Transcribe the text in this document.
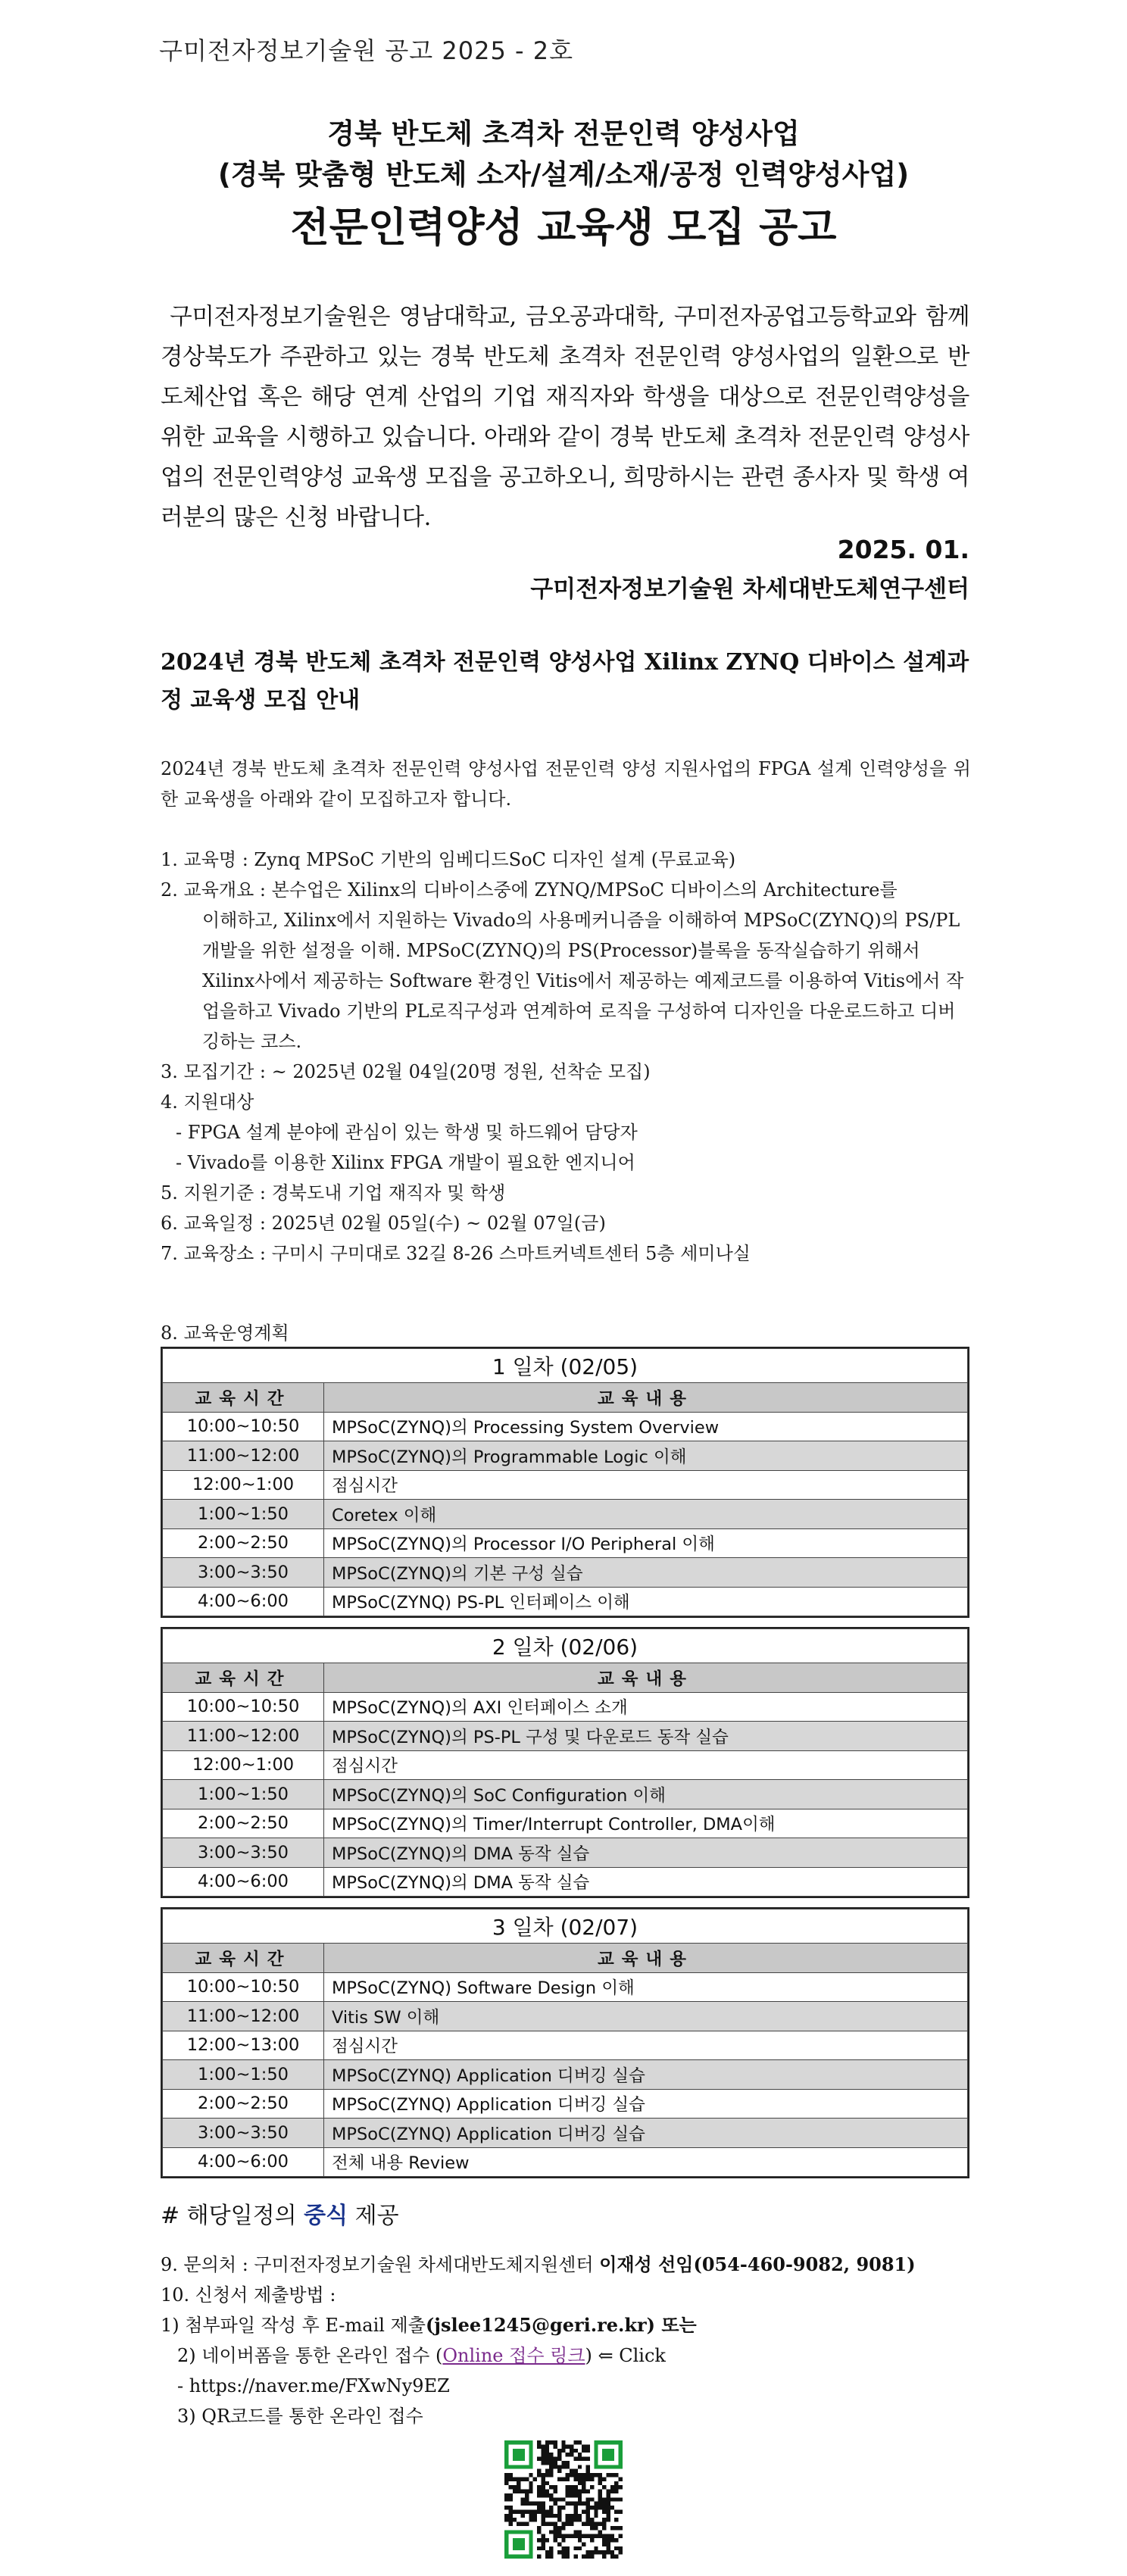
구미전자정보기술원 공고 2025 - 2호
경북 반도체 초격차 전문인력 양성사업
(경북 맞춤형 반도체 소자/설계/소재/공정 인력양성사업)
전문인력양성 교육생 모집 공고
구미전자정보기술원은 영남대학교, 금오공과대학, 구미전자공업고등학교와 함께 경상북도가 주관하고 있는 경북 반도체 초격차 전문인력 양성사업의 일환으로 반도체산업 혹은 해당 연계 산업의 기업 재직자와 학생을 대상으로 전문인력양성을 위한 교육을 시행하고 있습니다. 아래와 같이 경북 반도체 초격차 전문인력 양성사업의 전문인력양성 교육생 모집을 공고하오니, 희망하시는 관련 종사자 및 학생 여러분의 많은 신청 바랍니다.
2025. 01.
구미전자정보기술원 차세대반도체연구센터
2024년 경북 반도체 초격차 전문인력 양성사업 Xilinx ZYNQ 디바이스 설계과정 교육생 모집 안내
2024년 경북 반도체 초격차 전문인력 양성사업 전문인력 양성 지원사업의 FPGA 설계 인력양성을 위한 교육생을 아래와 같이 모집하고자 합니다.
1. 교육명 : Zynq MPSoC 기반의 임베디드SoC 디자인 설계 (무료교육)
2. 교육개요 : 본수업은 Xilinx의 디바이스중에 ZYNQ/MPSoC 디바이스의 Architecture를
이해하고, Xilinx에서 지원하는 Vivado의 사용메커니즘을 이해하여 MPSoC(ZYNQ)의 PS/PL 개발을 위한 설정을 이해. MPSoC(ZYNQ)의 PS(Processor)블록을 동작실습하기 위해서 Xilinx사에서 제공하는 Software 환경인 Vitis에서 제공하는 예제코드를 이용하여 Vitis에서 작업을하고 Vivado 기반의 PL로직구성과 연계하여 로직을 구성하여 디자인을 다운로드하고 디버깅하는 코스.
3. 모집기간 : ~ 2025년 02월 04일(20명 정원, 선착순 모집)
4. 지원대상
- FPGA 설계 분야에 관심이 있는 학생 및 하드웨어 담당자
- Vivado를 이용한 Xilinx FPGA 개발이 필요한 엔지니어
5. 지원기준 : 경북도내 기업 재직자 및 학생
6. 교육일정 : 2025년 02월 05일(수) ~ 02월 07일(금)
7. 교육장소 : 구미시 구미대로 32길 8-26 스마트커넥트센터 5층 세미나실
8. 교육운영계획
1 일차 (02/05)	
교육시간	교육내용
10:00~10:50	MPSoC(ZYNQ)의 Processing System Overview
11:00~12:00	MPSoC(ZYNQ)의 Programmable Logic 이해
12:00~1:00	점심시간
1:00~1:50	Coretex 이해
2:00~2:50	MPSoC(ZYNQ)의 Processor I/O Peripheral 이해
3:00~3:50	MPSoC(ZYNQ)의 기본 구성 실습
4:00~6:00	MPSoC(ZYNQ) PS-PL 인터페이스 이해
2 일차 (02/06)	
교육시간	교육내용
10:00~10:50	MPSoC(ZYNQ)의 AXI 인터페이스 소개
11:00~12:00	MPSoC(ZYNQ)의 PS-PL 구성 및 다운로드 동작 실습
12:00~1:00	점심시간
1:00~1:50	MPSoC(ZYNQ)의 SoC Configuration 이해
2:00~2:50	MPSoC(ZYNQ)의 Timer/Interrupt Controller, DMA이해
3:00~3:50	MPSoC(ZYNQ)의 DMA 동작 실습
4:00~6:00	MPSoC(ZYNQ)의 DMA 동작 실습
3 일차 (02/07)	
교육시간	교육내용
10:00~10:50	MPSoC(ZYNQ) Software Design 이해
11:00~12:00	Vitis SW 이해
12:00~13:00	점심시간
1:00~1:50	MPSoC(ZYNQ) Application 디버깅 실습
2:00~2:50	MPSoC(ZYNQ) Application 디버깅 실습
3:00~3:50	MPSoC(ZYNQ) Application 디버깅 실습
4:00~6:00	전체 내용 Review
# 해당일정의 중식 제공
9. 문의처 : 구미전자정보기술원 차세대반도체지원센터 이재성 선임(054-460-9082, 9081)
10. 신청서 제출방법 :
1) 첨부파일 작성 후 E-mail 제출(jslee1245@geri.re.kr) 또는
2) 네이버폼을 통한 온라인 접수 (Online 접수 링크) ⇐ Click
- https://naver.me/FXwNy9EZ
3) QR코드를 통한 온라인 접수
